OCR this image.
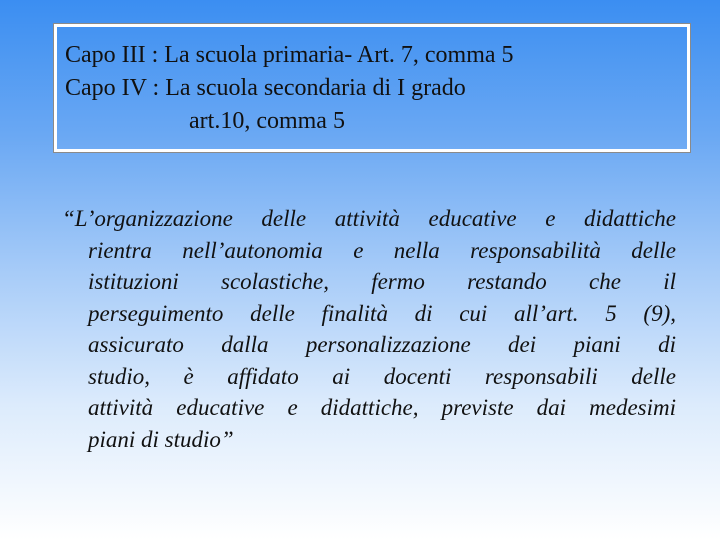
Capo III : La scuola primaria- Art. 7, comma 5
Capo IV : La scuola secondaria di I grado
art.10, comma 5
“L’organizzazione delle attività educative e didattiche
rientra nell’autonomia e nella responsabilità delle
istituzioni scolastiche, fermo restando che il
perseguimento delle finalità di cui all’art. 5 (9),
assicurato dalla personalizzazione dei piani di
studio, è affidato ai docenti responsabili delle
attività educative e didattiche, previste dai medesimi
piani di studio”
